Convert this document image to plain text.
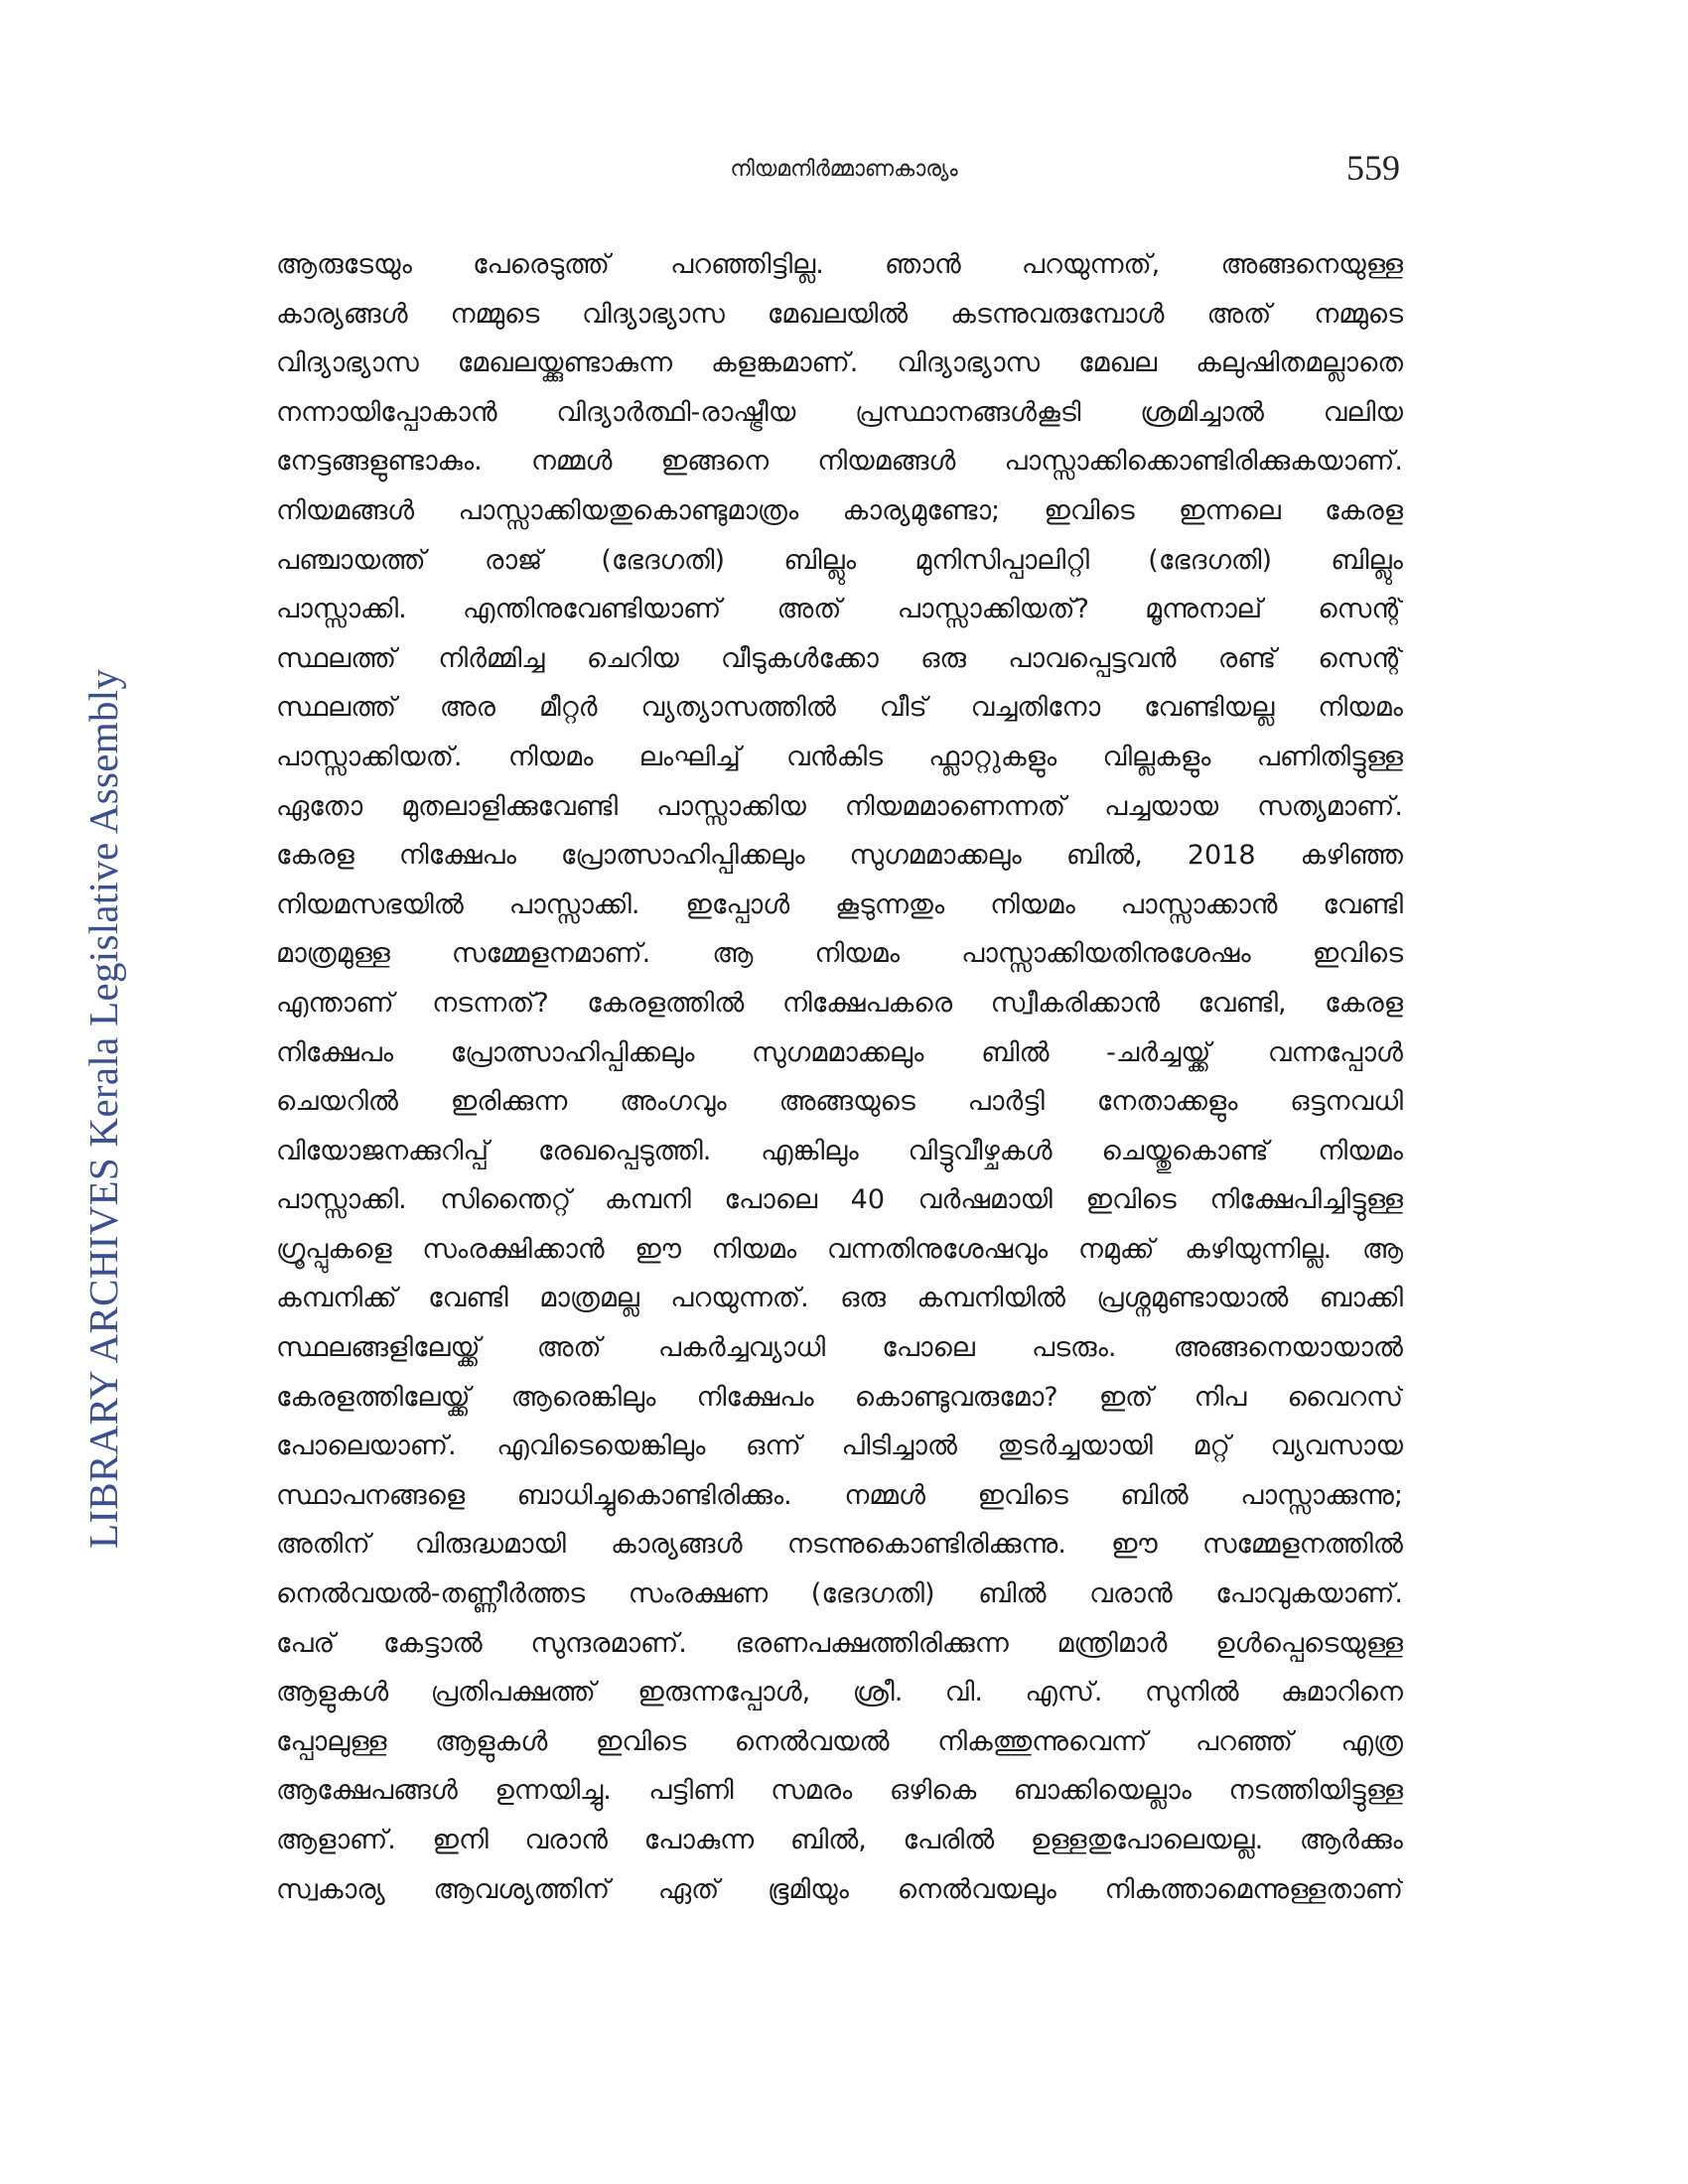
നിയമനിർമ്മാണകാര്യം	559
LIBRARY ARCHIVES Kerala Legislative Assembly
ആരുടേയും പേരെടുത്ത് പറഞ്ഞിട്ടില്ല. ഞാൻ പറയുന്നത്, അങ്ങനെയുള്ള
കാര്യങ്ങൾ നമ്മുടെ വിദ്യാഭ്യാസ മേഖലയിൽ കടന്നുവരുമ്പോൾ അത് നമ്മുടെ
വിദ്യാഭ്യാസ മേഖലയ്ക്കുണ്ടാകുന്ന കളങ്കമാണ്. വിദ്യാഭ്യാസ മേഖല കലുഷിതമല്ലാതെ
നന്നായിപ്പോകാൻ വിദ്യാർത്ഥി-രാഷ്ട്രീയ പ്രസ്ഥാനങ്ങൾകൂടി ശ്രമിച്ചാൽ വലിയ
നേട്ടങ്ങളുണ്ടാകും. നമ്മൾ ഇങ്ങനെ നിയമങ്ങൾ പാസ്സാക്കിക്കൊണ്ടിരിക്കുകയാണ്.
നിയമങ്ങൾ പാസ്സാക്കിയതുകൊണ്ടുമാത്രം കാര്യമുണ്ടോ; ഇവിടെ ഇന്നലെ കേരള
പഞ്ചായത്ത് രാജ് (ഭേദഗതി) ബില്ലും മുനിസിപ്പാലിറ്റി (ഭേദഗതി) ബില്ലും
പാസ്സാക്കി. എന്തിനുവേണ്ടിയാണ് അത് പാസ്സാക്കിയത്? മൂന്നുനാല് സെന്റ്
സ്ഥലത്ത് നിർമ്മിച്ച ചെറിയ വീടുകൾക്കോ ഒരു പാവപ്പെട്ടവൻ രണ്ട് സെന്റ്
സ്ഥലത്ത് അര മീറ്റർ വ്യത്യാസത്തിൽ വീട് വച്ചതിനോ വേണ്ടിയല്ല നിയമം
പാസ്സാക്കിയത്. നിയമം ലംഘിച്ച് വൻകിട ഫ്ലാറ്റുകളും വില്ലകളും പണിതിട്ടുള്ള
ഏതോ മുതലാളിക്കുവേണ്ടി പാസ്സാക്കിയ നിയമമാണെന്നത് പച്ചയായ സത്യമാണ്.
കേരള നിക്ഷേപം പ്രോത്സാഹിപ്പിക്കലും സുഗമമാക്കലും ബിൽ, 2018 കഴിഞ്ഞ
നിയമസഭയിൽ പാസ്സാക്കി. ഇപ്പോൾ കൂടുന്നതും നിയമം പാസ്സാക്കാൻ വേണ്ടി
മാത്രമുള്ള സമ്മേളനമാണ്. ആ നിയമം പാസ്സാക്കിയതിനുശേഷം ഇവിടെ
എന്താണ് നടന്നത്? കേരളത്തിൽ നിക്ഷേപകരെ സ്വീകരിക്കാൻ വേണ്ടി, കേരള
നിക്ഷേപം പ്രോത്സാഹിപ്പിക്കലും സുഗമമാക്കലും ബിൽ -ചർച്ചയ്ക്ക് വന്നപ്പോൾ
ചെയറിൽ ഇരിക്കുന്ന അംഗവും അങ്ങയുടെ പാർട്ടി നേതാക്കളും ഒട്ടനവധി
വിയോജനക്കുറിപ്പ് രേഖപ്പെടുത്തി. എങ്കിലും വിട്ടുവീഴ്ചകൾ ചെയ്തുകൊണ്ട് നിയമം
പാസ്സാക്കി. സിന്തൈറ്റ് കമ്പനി പോലെ 40 വർഷമായി ഇവിടെ നിക്ഷേപിച്ചിട്ടുള്ള
ഗ്രൂപ്പുകളെ സംരക്ഷിക്കാൻ ഈ നിയമം വന്നതിനുശേഷവും നമുക്ക് കഴിയുന്നില്ല. ആ
കമ്പനിക്ക് വേണ്ടി മാത്രമല്ല പറയുന്നത്. ഒരു കമ്പനിയിൽ പ്രശ്നമുണ്ടായാൽ ബാക്കി
സ്ഥലങ്ങളിലേയ്ക്ക് അത് പകർച്ചവ്യാധി പോലെ പടരും. അങ്ങനെയായാൽ
കേരളത്തിലേയ്ക്ക് ആരെങ്കിലും നിക്ഷേപം കൊണ്ടുവരുമോ? ഇത് നിപ വൈറസ്
പോലെയാണ്. എവിടെയെങ്കിലും ഒന്ന് പിടിച്ചാൽ തുടർച്ചയായി മറ്റ് വ്യവസായ
സ്ഥാപനങ്ങളെ ബാധിച്ചുകൊണ്ടിരിക്കും. നമ്മൾ ഇവിടെ ബിൽ പാസ്സാക്കുന്നു;
അതിന് വിരുദ്ധമായി കാര്യങ്ങൾ നടന്നുകൊണ്ടിരിക്കുന്നു. ഈ സമ്മേളനത്തിൽ
നെൽവയൽ-തണ്ണീർത്തട സംരക്ഷണ (ഭേദഗതി) ബിൽ വരാൻ പോവുകയാണ്.
പേര് കേട്ടാൽ സുന്ദരമാണ്. ഭരണപക്ഷത്തിരിക്കുന്ന മന്ത്രിമാർ ഉൾപ്പെടെയുള്ള
ആളുകൾ പ്രതിപക്ഷത്ത് ഇരുന്നപ്പോൾ, ശ്രീ. വി. എസ്. സുനിൽ കുമാറിനെ
പ്പോലുള്ള ആളുകൾ ഇവിടെ നെൽവയൽ നികത്തുന്നുവെന്ന് പറഞ്ഞ് എത്ര
ആക്ഷേപങ്ങൾ ഉന്നയിച്ചു. പട്ടിണി സമരം ഒഴികെ ബാക്കിയെല്ലാം നടത്തിയിട്ടുള്ള
ആളാണ്. ഇനി വരാൻ പോകുന്ന ബിൽ, പേരിൽ ഉള്ളതുപോലെയല്ല. ആർക്കും
സ്വകാര്യ ആവശ്യത്തിന് ഏത് ഭൂമിയും നെൽവയലും നികത്താമെന്നുള്ളതാണ്
